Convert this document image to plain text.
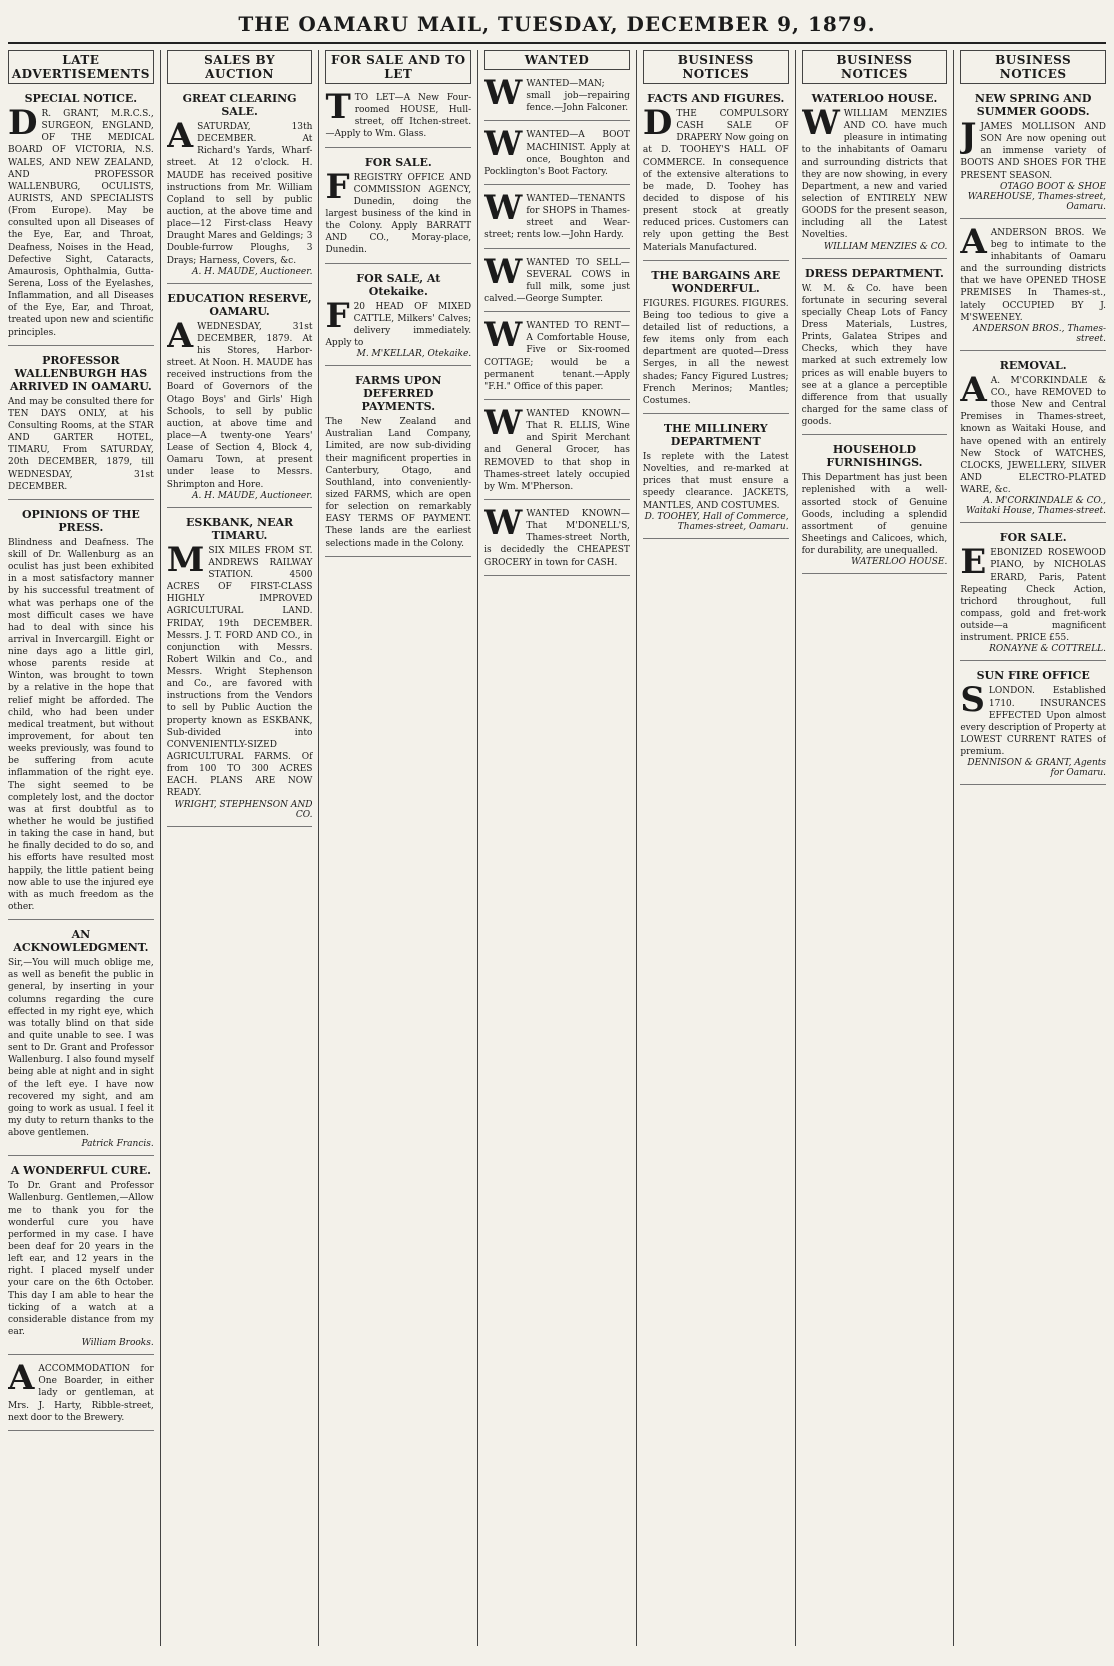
THE OAMARU MAIL, TUESDAY, DECEMBER 9, 1879.
LATE ADVERTISEMENTS
SPECIAL NOTICE.

D R. GRANT, M.R.C.S., SURGEON, ENGLAND, OF THE MEDICAL BOARD OF VICTORIA, N.S. WALES, AND NEW ZEALAND, AND PROFESSOR WALLENBURG, OCULISTS, AURISTS, AND SPECIALISTS (From Europe). May be consulted upon all Diseases of the Eye, Ear, and Throat, Deafness, Noises in the Head, Defective Sight, Cataracts, Amaurosis, Ophthalmia, Gutta-Serena, Loss of the Eyelashes, Inflammation, and all Diseases of the Eye, Ear, and Throat, treated upon new and scientific principles.

PROFESSOR WALLENBURGH HAS ARRIVED IN OAMARU.

And may be consulted there for TEN DAYS ONLY, at his Consulting Rooms, at the STAR AND GARTER HOTEL, TIMARU, From SATURDAY, 20th DECEMBER, 1879, till WEDNESDAY, 31st DECEMBER.

OPINIONS OF THE PRESS.

Blindness and Deafness. The skill of Dr. Wallenburg as an oculist has just been exhibited in a most satisfactory manner by his successful treatment of what was perhaps one of the most difficult cases we have had to deal with since his arrival in Invercargill. Eight or nine days ago a little girl, whose parents reside at Winton, was brought to town by a relative in the hope that relief might be afforded. The child, who had been under medical treatment, but without improvement, for about ten weeks previously, was found to be suffering from acute inflammation of the right eye. The sight seemed to be completely lost, and the doctor was at first doubtful as to whether he would be justified in taking the case in hand, but he finally decided to do so, and his efforts have resulted most happily, the little patient being now able to use the injured eye with as much freedom as the other.

AN ACKNOWLEDGMENT.

Sir,—You will much oblige me, as well as benefit the public in general, by inserting in your columns regarding the cure effected in my right eye, which was totally blind on that side and quite unable to see. I was sent to Dr. Grant and Professor Wallenburg. I also found myself being able at night and in sight of the left eye. I have now recovered my sight, and am going to work as usual. I feel it my duty to return thanks to the above gentlemen.

Patrick Francis.
A WONDERFUL CURE.

To Dr. Grant and Professor Wallenburg. Gentlemen,—Allow me to thank you for the wonderful cure you have performed in my case. I have been deaf for 20 years in the left ear, and 12 years in the right. I placed myself under your care on the 6th October. This day I am able to hear the ticking of a watch at a considerable distance from my ear.

William Brooks.

AACCOMMODATION for One Boarder, in either lady or gentleman, at Mrs. J. Harty, Ribble-street, next door to the Brewery.

SALES BY AUCTION
GREAT CLEARING SALE.

ASATURDAY, 13th DECEMBER. At Richard's Yards, Wharf-street. At 12 o'clock. H. MAUDE has received positive instructions from Mr. William Copland to sell by public auction, at the above time and place—12 First-class Heavy Draught Mares and Geldings; 3 Double-furrow Ploughs, 3 Drays; Harness, Covers, &c.

A. H. MAUDE, Auctioneer.
EDUCATION RESERVE, OAMARU.

AWEDNESDAY, 31st DECEMBER, 1879. At his Stores, Harbor-street. At Noon. H. MAUDE has received instructions from the Board of Governors of the Otago Boys' and Girls' High Schools, to sell by public auction, at above time and place—A twenty-one Years' Lease of Section 4, Block 4, Oamaru Town, at present under lease to Messrs. Shrimpton and Hore.

A. H. MAUDE, Auctioneer.
ESKBANK, NEAR TIMARU.

MSIX MILES FROM ST. ANDREWS RAILWAY STATION. 4500 ACRES OF FIRST-CLASS HIGHLY IMPROVED AGRICULTURAL LAND. FRIDAY, 19th DECEMBER. Messrs. J. T. FORD AND CO., in conjunction with Messrs. Robert Wilkin and Co., and Messrs. Wright Stephenson and Co., are favored with instructions from the Vendors to sell by Public Auction the property known as ESKBANK, Sub-divided into CONVENIENTLY-SIZED AGRICULTURAL FARMS. Of from 100 TO 300 ACRES EACH. PLANS ARE NOW READY.

WRIGHT, STEPHENSON AND CO.
FOR SALE AND TO LET

TTO LET—A New Four-roomed HOUSE, Hull-street, off Itchen-street.—Apply to Wm. Glass.

FOR SALE.

FREGISTRY OFFICE AND COMMISSION AGENCY, Dunedin, doing the largest business of the kind in the Colony. Apply BARRATT AND CO., Moray-place, Dunedin.

FOR SALE, At Otekaike.

F 20 HEAD OF MIXED CATTLE, Milkers' Calves; delivery immediately. Apply to

M. M'KELLAR, Otekaike.
FARMS UPON DEFERRED PAYMENTS.

The New Zealand and Australian Land Company, Limited, are now sub-dividing their magnificent properties in Canterbury, Otago, and Southland, into conveniently-sized FARMS, which are open for selection on remarkably EASY TERMS OF PAYMENT. These lands are the earliest selections made in the Colony.

WANTED

WWANTED—MAN; small job—repairing fence.—John Falconer.

WWANTED—A BOOT MACHINIST. Apply at once, Boughton and Pocklington's Boot Factory.

WWANTED—TENANTS for SHOPS in Thames-street and Wear-street; rents low.—John Hardy.

WWANTED TO SELL—SEVERAL COWS in full milk, some just calved.—George Sumpter.

WWANTED TO RENT—A Comfortable House, Five or Six-roomed COTTAGE; would be a permanent tenant.—Apply "F.H." Office of this paper.

WWANTED KNOWN—That R. ELLIS, Wine and Spirit Merchant and General Grocer, has REMOVED to that shop in Thames-street lately occupied by Wm. M'Pherson.

WWANTED KNOWN—That M'DONELL'S, Thames-street North, is decidedly the CHEAPEST GROCERY in town for CASH.

BUSINESS NOTICES
FACTS AND FIGURES.

DTHE COMPULSORY CASH SALE OF DRAPERY Now going on at D. TOOHEY'S HALL OF COMMERCE. In consequence of the extensive alterations to be made, D. Toohey has decided to dispose of his present stock at greatly reduced prices. Customers can rely upon getting the Best Materials Manufactured.

THE BARGAINS ARE WONDERFUL.

FIGURES. FIGURES. FIGURES. Being too tedious to give a detailed list of reductions, a few items only from each department are quoted—Dress Serges, in all the newest shades; Fancy Figured Lustres; French Merinos; Mantles; Costumes.

THE MILLINERY DEPARTMENT

Is replete with the Latest Novelties, and re-marked at prices that must ensure a speedy clearance. JACKETS, MANTLES, AND COSTUMES.

D. TOOHEY, Hall of Commerce, Thames-street, Oamaru.
BUSINESS NOTICES
WATERLOO HOUSE.

WWILLIAM MENZIES AND CO. have much pleasure in intimating to the inhabitants of Oamaru and surrounding districts that they are now showing, in every Department, a new and varied selection of ENTIRELY NEW GOODS for the present season, including all the Latest Novelties.

WILLIAM MENZIES & CO.
DRESS DEPARTMENT.

W. M. & Co. have been fortunate in securing several specially Cheap Lots of Fancy Dress Materials, Lustres, Prints, Galatea Stripes and Checks, which they have marked at such extremely low prices as will enable buyers to see at a glance a perceptible difference from that usually charged for the same class of goods.

HOUSEHOLD FURNISHINGS.

This Department has just been replenished with a well-assorted stock of Genuine Goods, including a splendid assortment of genuine Sheetings and Calicoes, which, for durability, are unequalled.

WATERLOO HOUSE.
BUSINESS NOTICES
NEW SPRING AND SUMMER GOODS.

JJAMES MOLLISON AND SON Are now opening out an immense variety of BOOTS AND SHOES FOR THE PRESENT SEASON.

OTAGO BOOT & SHOE WAREHOUSE, Thames-street, Oamaru.

AANDERSON BROS. We beg to intimate to the inhabitants of Oamaru and the surrounding districts that we have OPENED THOSE PREMISES In Thames-st., lately OCCUPIED BY J. M'SWEENEY.

ANDERSON BROS., Thames-street.
REMOVAL.

A A. M'CORKINDALE & CO., have REMOVED to those New and Central Premises in Thames-street, known as Waitaki House, and have opened with an entirely New Stock of WATCHES, CLOCKS, JEWELLERY, SILVER AND ELECTRO-PLATED WARE, &c.

A. M'CORKINDALE & CO., Waitaki House, Thames-street.
FOR SALE.

EEBONIZED ROSEWOOD PIANO, by NICHOLAS ERARD, Paris, Patent Repeating Check Action, trichord throughout, full compass, gold and fret-work outside—a magnificent instrument. PRICE £55.

RONAYNE & COTTRELL.
SUN FIRE OFFICE

SLONDON. Established 1710. INSURANCES EFFECTED Upon almost every description of Property at LOWEST CURRENT RATES of premium.

DENNISON & GRANT, Agents for Oamaru.
